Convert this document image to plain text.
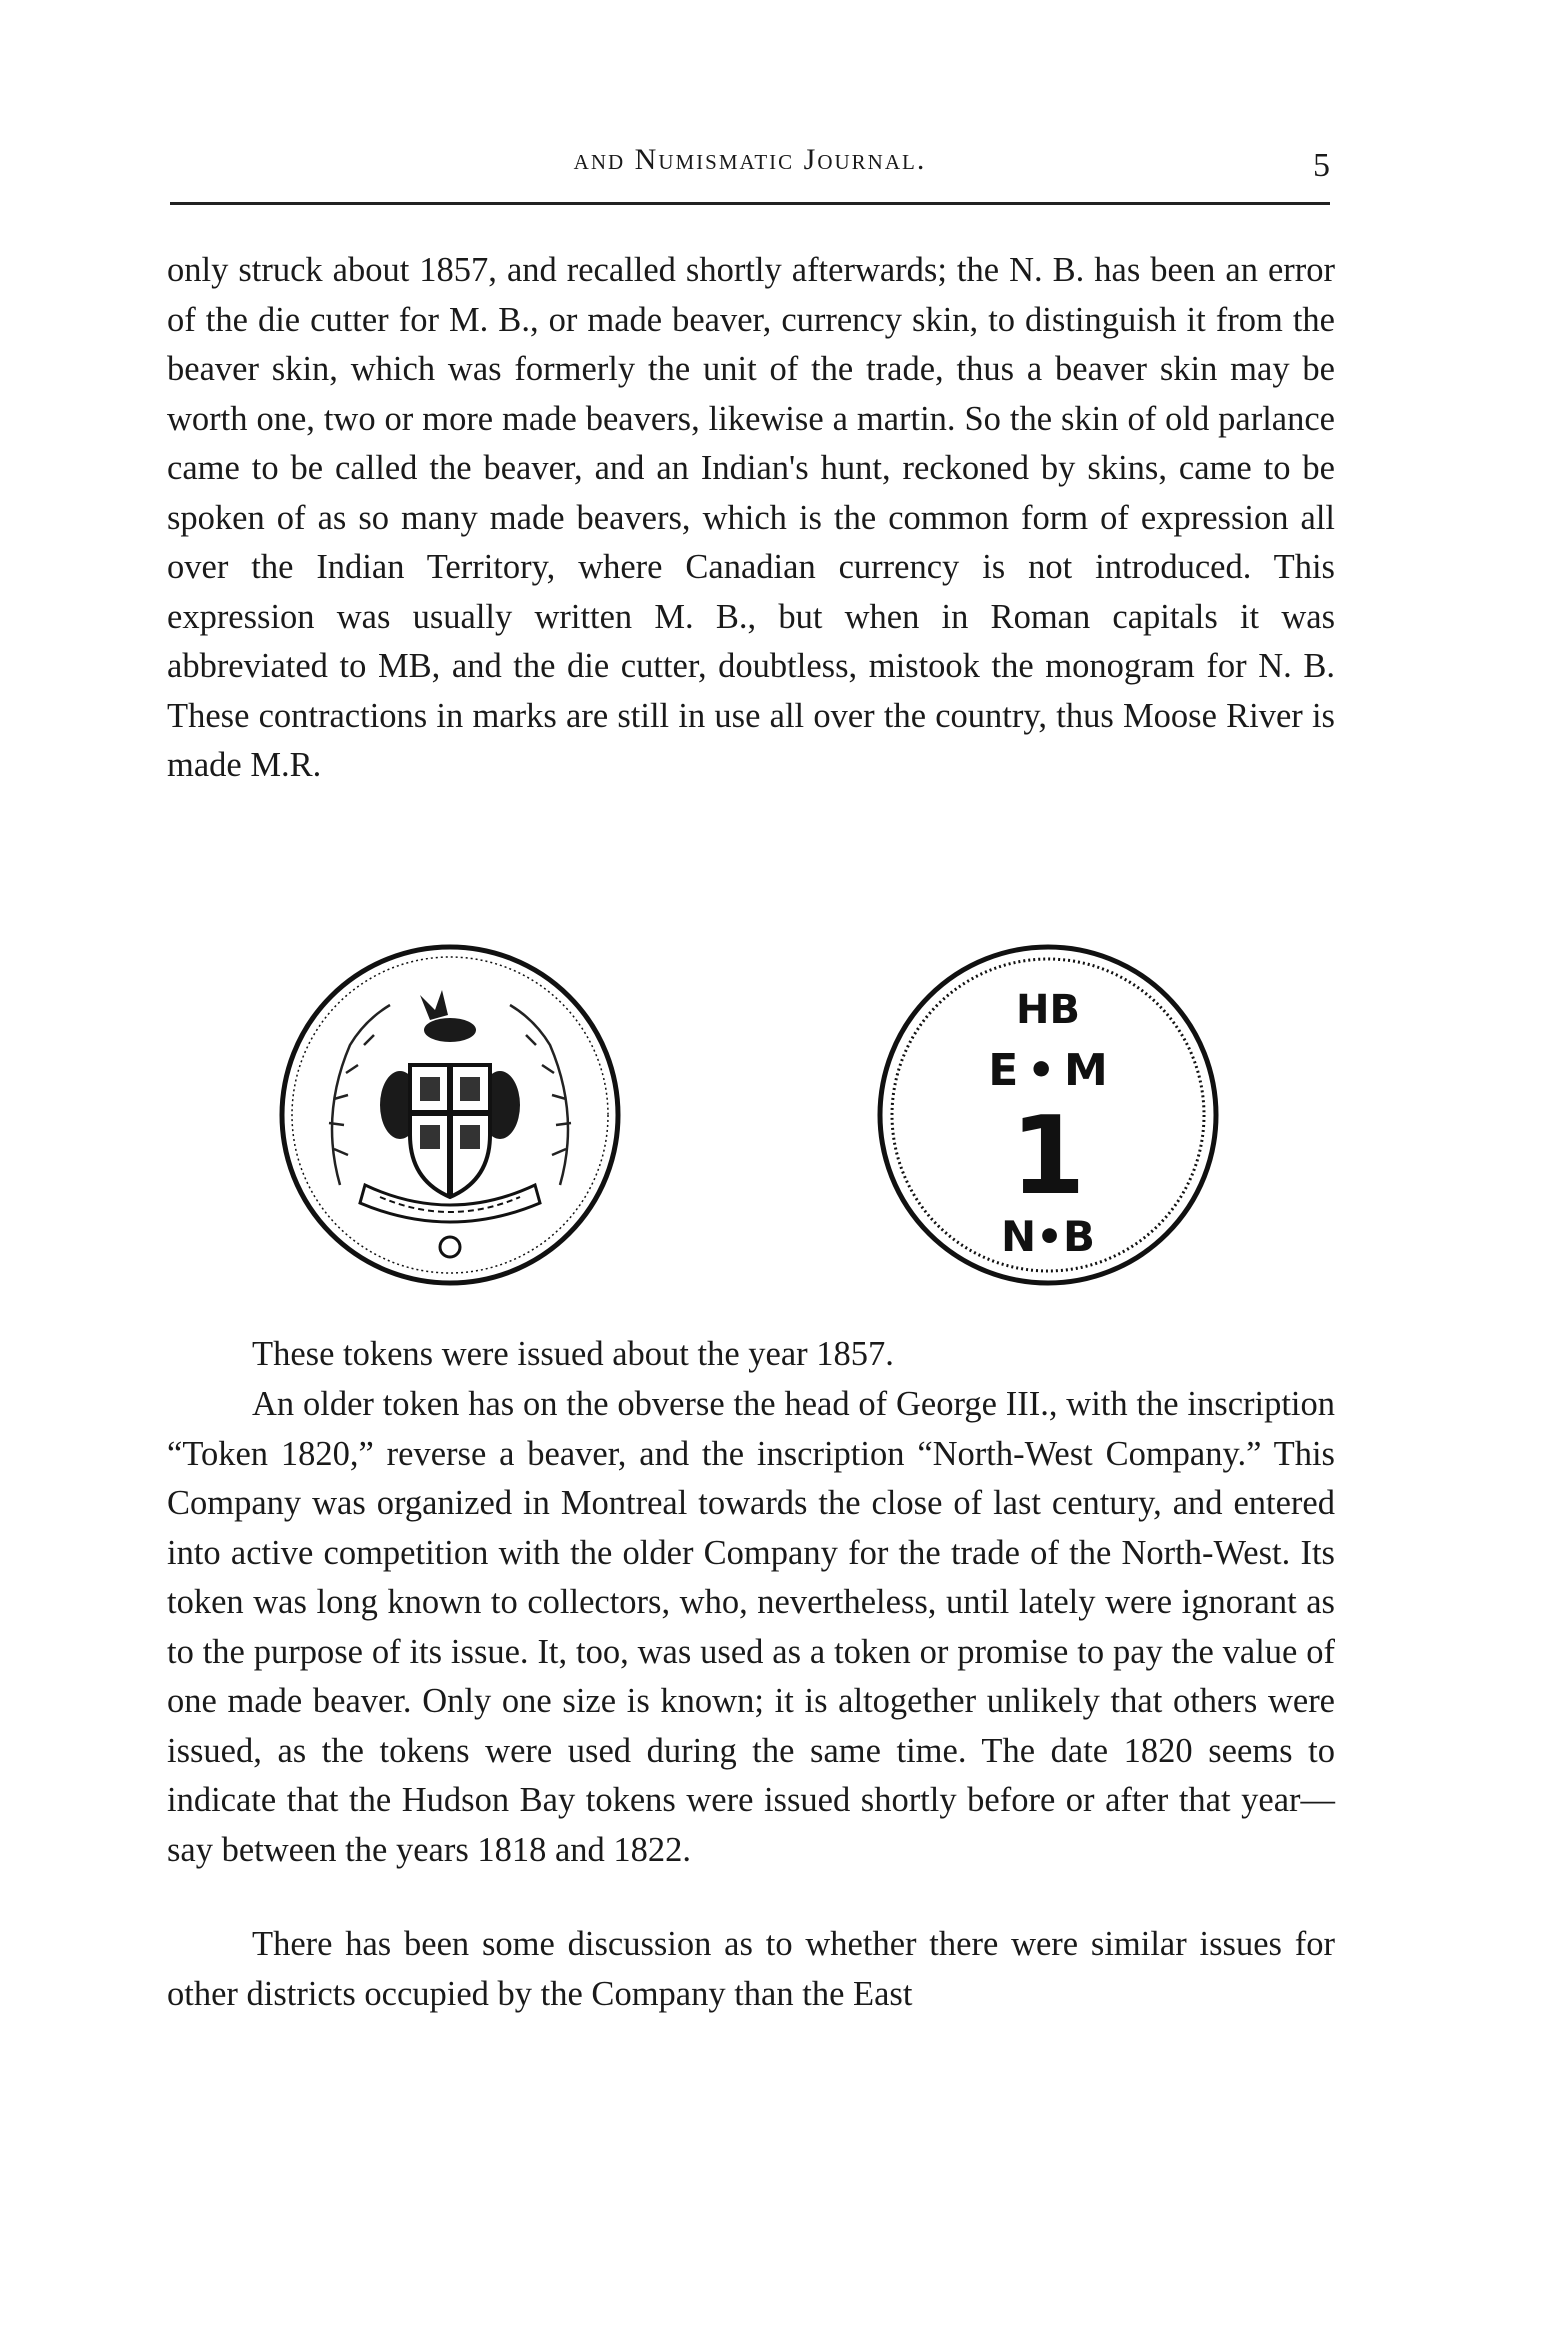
and Numismatic Journal.	5

only struck about 1857, and recalled shortly afterwards; the N. B. has been an error of the die cutter for M. B., or made beaver, currency skin, to distinguish it from the beaver skin, which was formerly the unit of the trade, thus a beaver skin may be worth one, two or more made beavers, likewise a martin. So the skin of old parlance came to be called the beaver, and an Indian's hunt, reckoned by skins, came to be spoken of as so many made beavers, which is the common form of expression all over the Indian Territory, where Canadian currency is not introduced. This expression was usually written M. B., but when in Roman capitals it was abbreviated to MB, and the die cutter, doubtless, mistook the monogram for N. B. These contractions in marks are still in use all over the country, thus Moose River is made M.R.

HB
E • M
1
N•B

These tokens were issued about the year 1857.

An older token has on the obverse the head of George III., with the inscription “Token 1820,” reverse a beaver, and the inscription “North-West Company.” This Company was organized in Montreal towards the close of last century, and entered into active competition with the older Company for the trade of the North-West. Its token was long known to collectors, who, nevertheless, until lately were ignorant as to the purpose of its issue. It, too, was used as a token or promise to pay the value of one made beaver. Only one size is known; it is altogether unlikely that others were issued, as the tokens were used during the same time. The date 1820 seems to indicate that the Hudson Bay tokens were issued shortly before or after that year—say between the years 1818 and 1822.

There has been some discussion as to whether there were similar issues for other districts occupied by the Company than the East
